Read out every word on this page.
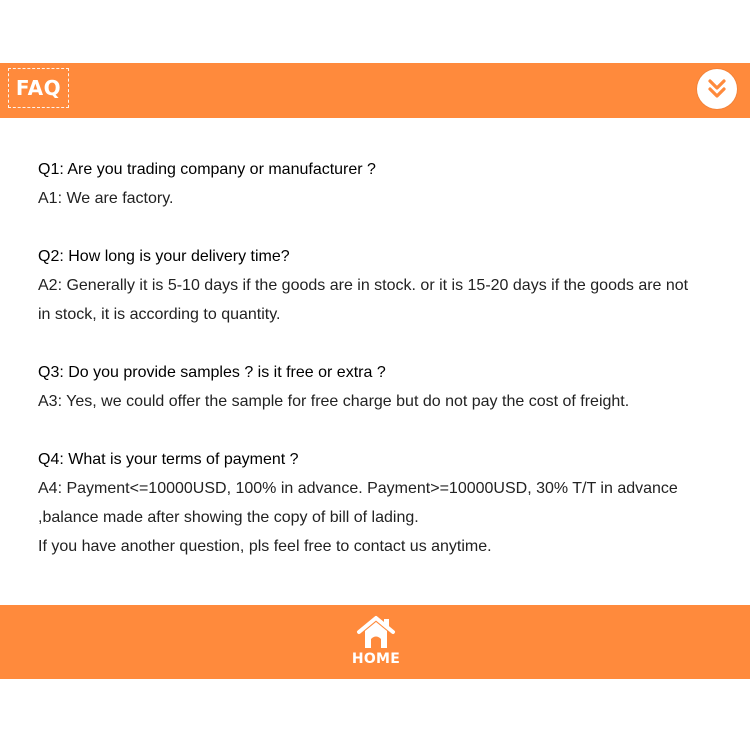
FAQ
Q1: Are you trading company or manufacturer ?
A1: We are factory.
Q2: How long is your delivery time?
A2: Generally it is 5-10 days if the goods are in stock. or it is 15-20 days if the goods are not
in stock, it is according to quantity.
Q3: Do you provide samples ? is it free or extra ?
A3: Yes, we could offer the sample for free charge but do not pay the cost of freight.
Q4: What is your terms of payment ?
A4: Payment<=10000USD, 100% in advance. Payment>=10000USD, 30% T/T in advance
,balance made after showing the copy of bill of lading.
If you have another question, pls feel free to contact us anytime.
HOME
